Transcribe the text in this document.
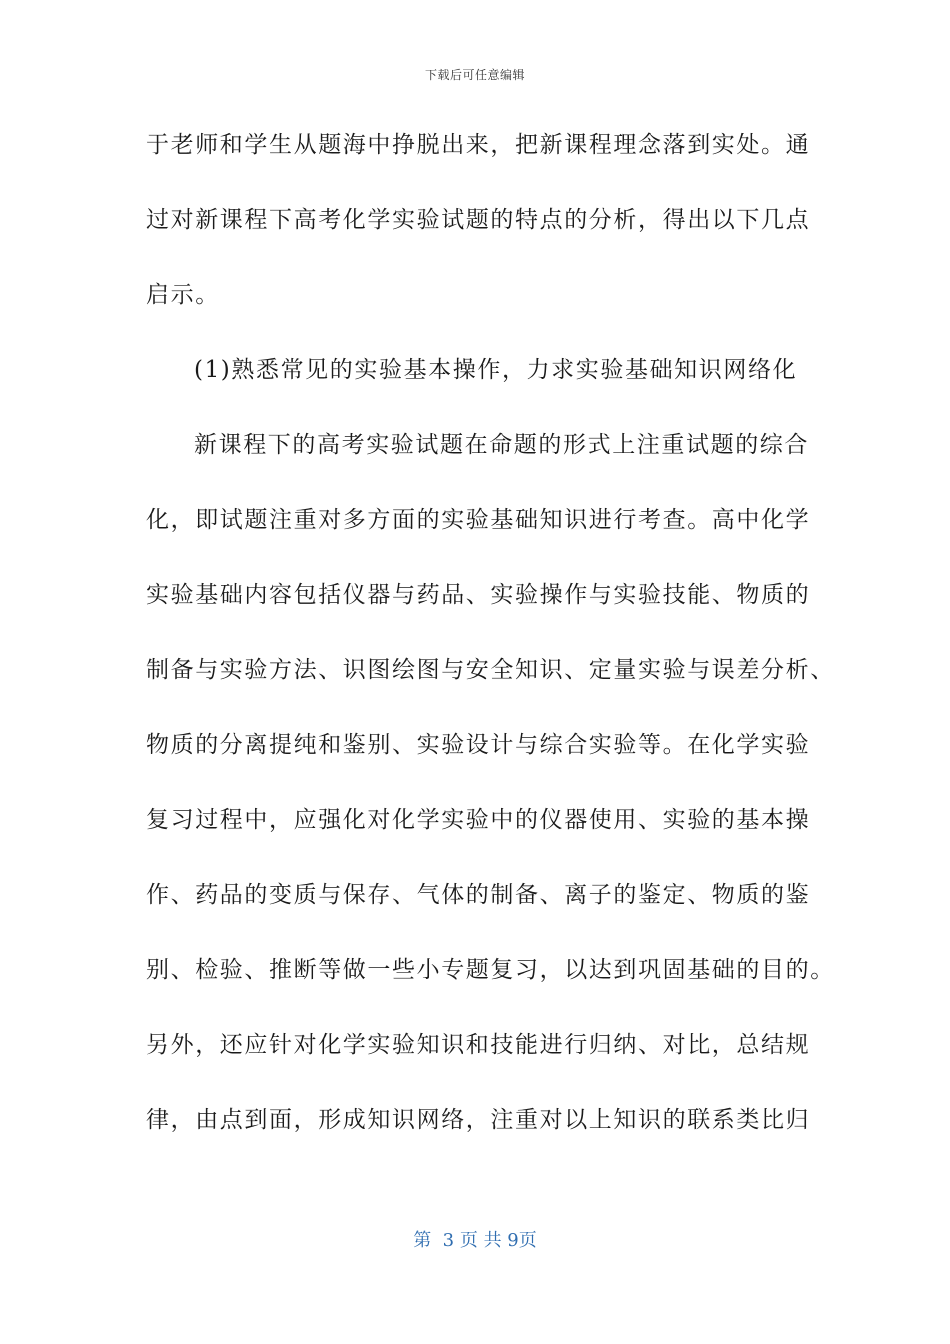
下载后可任意编辑
于老师和学生从题海中挣脱出来，把新课程理念落到实处。通
过对新课程下高考化学实验试题的特点的分析，得出以下几点
启示。
(1)熟悉常见的实验基本操作，力求实验基础知识网络化
新课程下的高考实验试题在命题的形式上注重试题的综合
化，即试题注重对多方面的实验基础知识进行考查。高中化学
实验基础内容包括仪器与药品、实验操作与实验技能、物质的
制备与实验方法、识图绘图与安全知识、定量实验与误差分析、
物质的分离提纯和鉴别、实验设计与综合实验等。在化学实验
复习过程中，应强化对化学实验中的仪器使用、实验的基本操
作、药品的变质与保存、气体的制备、离子的鉴定、物质的鉴
别、检验、推断等做一些小专题复习，以达到巩固基础的目的。
另外，还应针对化学实验知识和技能进行归纳、对比，总结规
律，由点到面，形成知识网络，注重对以上知识的联系类比归
第  3 页 共 9页
